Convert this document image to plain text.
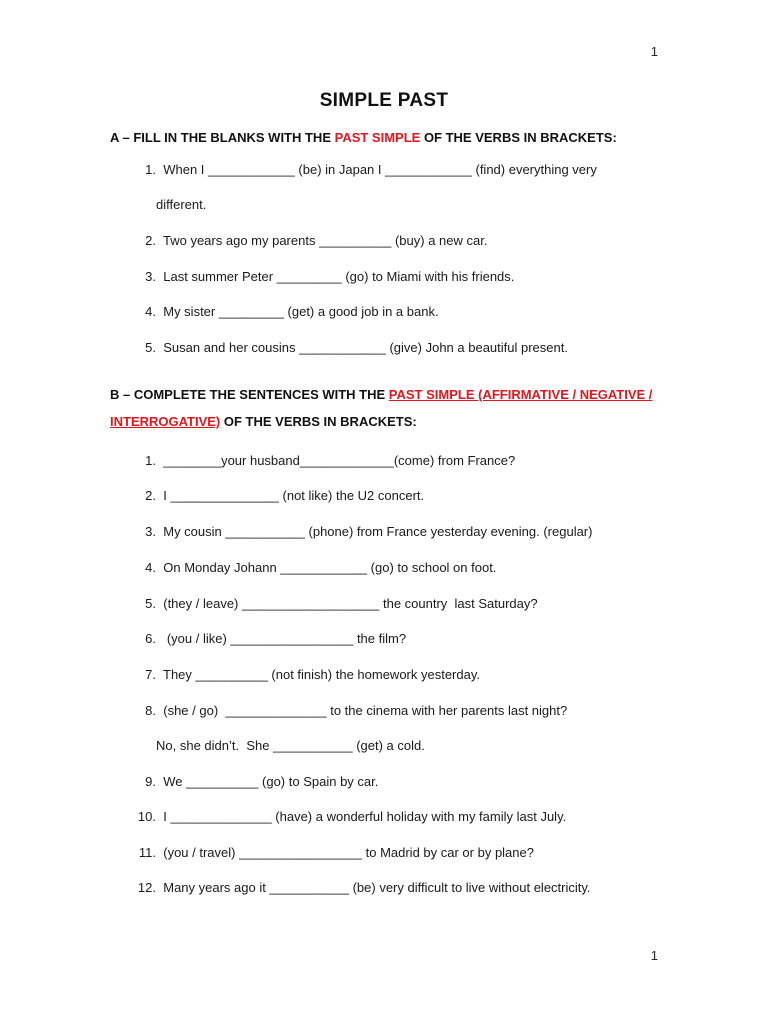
1
SIMPLE PAST
A – FILL IN THE BLANKS WITH THE PAST SIMPLE OF THE VERBS IN BRACKETS:
1. When I ____________ (be) in Japan I ____________ (find) everything very
different.
2. Two years ago my parents __________ (buy) a new car.
3. Last summer Peter _________ (go) to Miami with his friends.
4. My sister _________ (get) a good job in a bank.
5. Susan and her cousins ____________ (give) John a beautiful present.
B – COMPLETE THE SENTENCES WITH THE PAST SIMPLE (AFFIRMATIVE / NEGATIVE /
INTERROGATIVE) OF THE VERBS IN BRACKETS:
1. ________your husband_____________(come) from France?
2. I _______________ (not like) the U2 concert.
3. My cousin ___________ (phone) from France yesterday evening. (regular)
4. On Monday Johann ____________ (go) to school on foot.
5. (they / leave) ___________________ the country  last Saturday?
6.   (you / like) _________________ the film?
7. They __________ (not finish) the homework yesterday.
8. (she / go)  ______________ to the cinema with her parents last night?
No, she didn’t.  She ___________ (get) a cold.
9. We __________ (go) to Spain by car.
10. I ______________ (have) a wonderful holiday with my family last July.
11. (you / travel) _________________ to Madrid by car or by plane?
12. Many years ago it ___________ (be) very difficult to live without electricity.
1
